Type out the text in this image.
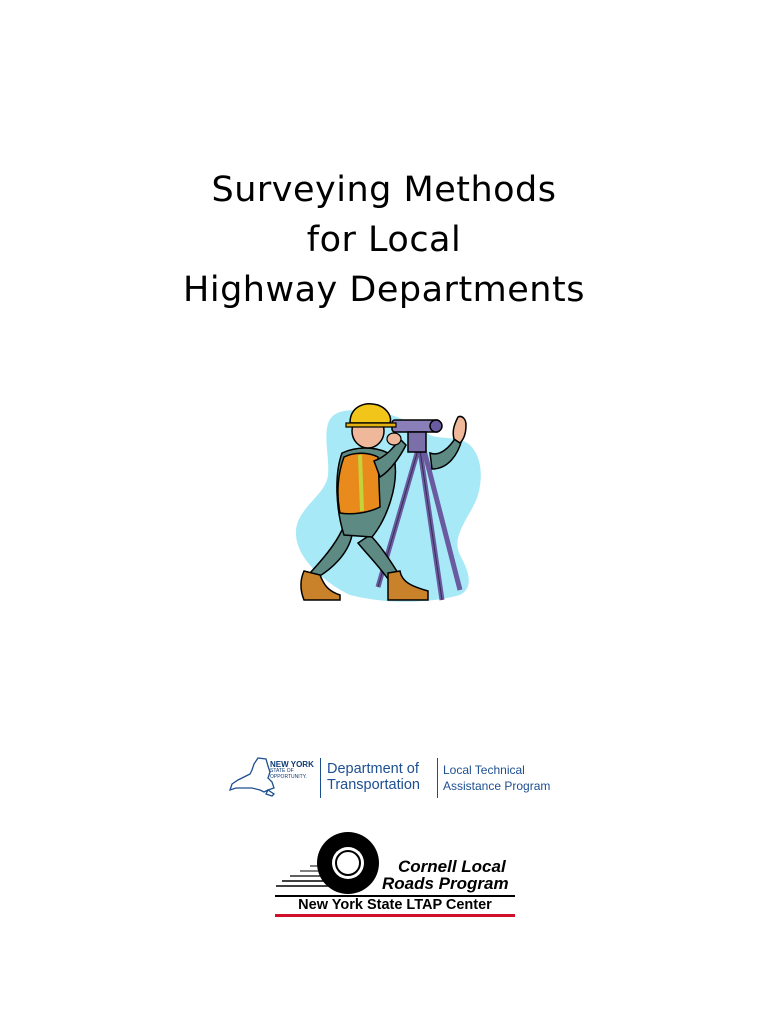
Surveying Methods
for Local
Highway Departments
NEW YORK
STATE OF
OPPORTUNITY.	Department of
Transportation
Local Technical
Assistance Program
Cornell Local
Roads Program
New York State LTAP Center
